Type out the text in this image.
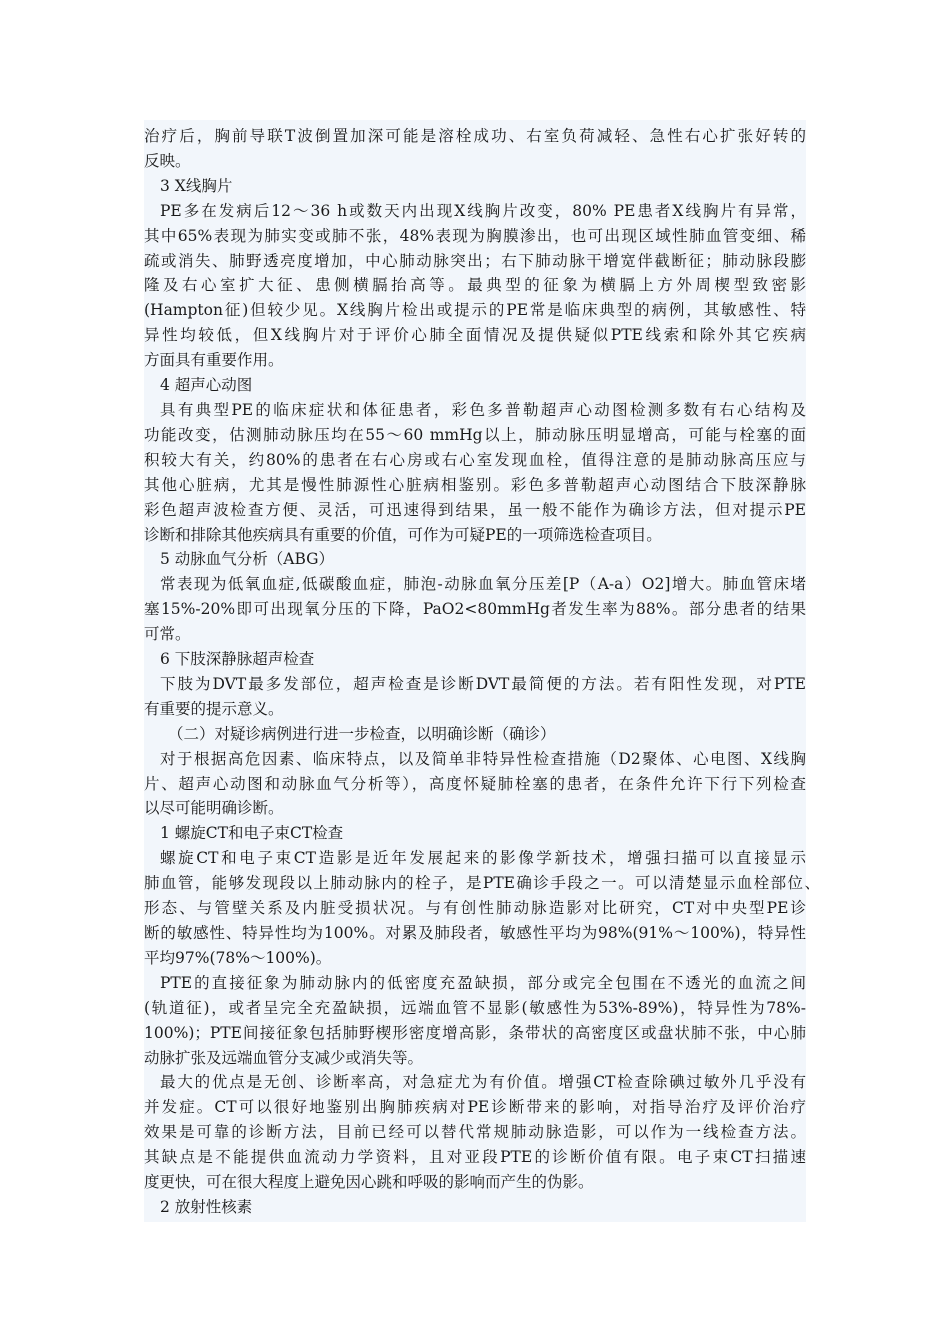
治疗后，胸前导联T波倒置加深可能是溶栓成功、右室负荷减轻、急性右心扩张好转的
反映。
3 X线胸片
PE多在发病后12～36 h或数天内出现X线胸片改变，80% PE患者X线胸片有异常，
其中65%表现为肺实变或肺不张，48%表现为胸膜渗出，也可出现区域性肺血管变细、稀
疏或消失、肺野透亮度增加，中心肺动脉突出；右下肺动脉干增宽伴截断征；肺动脉段膨
隆及右心室扩大征、患侧横膈抬高等。最典型的征象为横膈上方外周楔型致密影
(Hampton征)但较少见。X线胸片检出或提示的PE常是临床典型的病例，其敏感性、特
异性均较低，但X线胸片对于评价心肺全面情况及提供疑似PTE线索和除外其它疾病
方面具有重要作用。
4 超声心动图
具有典型PE的临床症状和体征患者，彩色多普勒超声心动图检测多数有右心结构及
功能改变，估测肺动脉压均在55～60 mmHg以上，肺动脉压明显增高，可能与栓塞的面
积较大有关，约80%的患者在右心房或右心室发现血栓，值得注意的是肺动脉高压应与
其他心脏病，尤其是慢性肺源性心脏病相鉴别。彩色多普勒超声心动图结合下肢深静脉
彩色超声波检查方便、灵活，可迅速得到结果，虽一般不能作为确诊方法，但对提示PE
诊断和排除其他疾病具有重要的价值，可作为可疑PE的一项筛选检查项目。
5 动脉血气分析（ABG）
常表现为低氧血症,低碳酸血症，肺泡-动脉血氧分压差[P（A-a）O2]增大。肺血管床堵
塞15%-20%即可出现氧分压的下降，PaO2<80mmHg者发生率为88%。部分患者的结果
可常。
6 下肢深静脉超声检查
下肢为DVT最多发部位，超声检查是诊断DVT最简便的方法。若有阳性发现，对PTE
有重要的提示意义。
（二）对疑诊病例进行进一步检查，以明确诊断（确诊）
对于根据高危因素、临床特点，以及简单非特异性检查措施（D2聚体、心电图、X线胸
片、超声心动图和动脉血气分析等），高度怀疑肺栓塞的患者，在条件允许下行下列检查
以尽可能明确诊断。
1 螺旋CT和电子束CT检查
螺旋CT和电子束CT造影是近年发展起来的影像学新技术，增强扫描可以直接显示
肺血管，能够发现段以上肺动脉内的栓子，是PTE确诊手段之一。可以清楚显示血栓部位、
形态、与管壁关系及内脏受损状况。与有创性肺动脉造影对比研究，CT对中央型PE诊
断的敏感性、特异性均为100%。对累及肺段者，敏感性平均为98%(91%～100%)，特异性
平均97%(78%～100%)。
PTE的直接征象为肺动脉内的低密度充盈缺损，部分或完全包围在不透光的血流之间
(轨道征)，或者呈完全充盈缺损，远端血管不显影(敏感性为53%-89%)，特异性为78%-
100%)；PTE间接征象包括肺野楔形密度增高影，条带状的高密度区或盘状肺不张，中心肺
动脉扩张及远端血管分支减少或消失等。
最大的优点是无创、诊断率高，对急症尤为有价值。增强CT检查除碘过敏外几乎没有
并发症。CT可以很好地鉴别出胸肺疾病对PE诊断带来的影响，对指导治疗及评价治疗
效果是可靠的诊断方法，目前已经可以替代常规肺动脉造影，可以作为一线检查方法。
其缺点是不能提供血流动力学资料，且对亚段PTE的诊断价值有限。电子束CT扫描速
度更快，可在很大程度上避免因心跳和呼吸的影响而产生的伪影。
2 放射性核素
